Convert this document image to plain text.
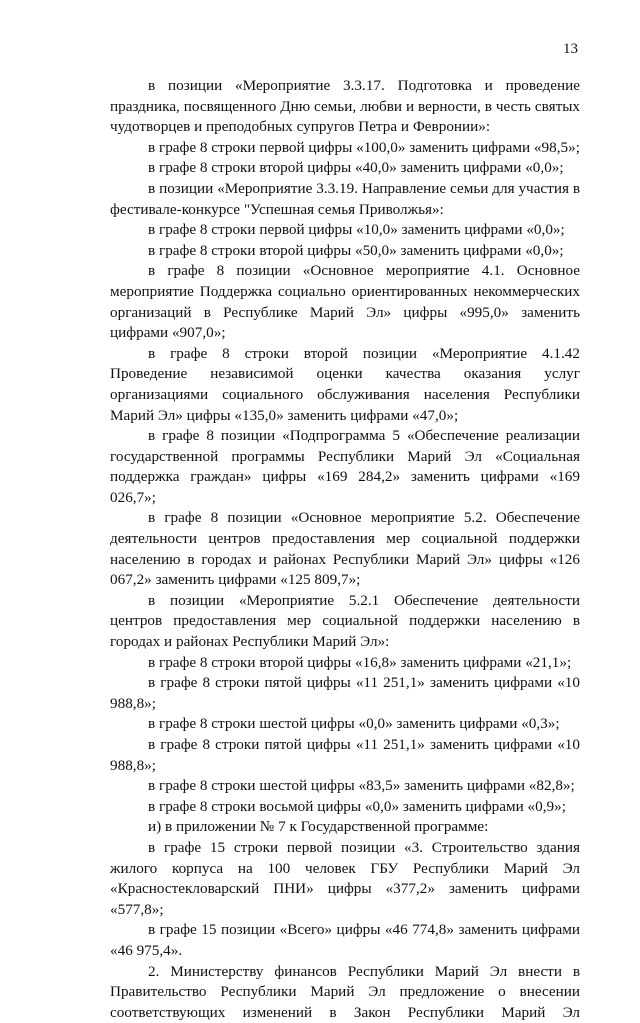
13

в позиции «Мероприятие 3.3.17. Подготовка и проведение праздника, посвященного Дню семьи, любви и верности, в честь святых чудотворцев и преподобных супругов Петра и Февронии»:

в графе 8 строки первой цифры «100,0» заменить цифрами «98,5»;

в графе 8 строки второй цифры «40,0» заменить цифрами «0,0»;

в позиции «Мероприятие 3.3.19. Направление семьи для участия в фестивале-конкурсе "Успешная семья Приволжья»:

в графе 8 строки первой цифры «10,0» заменить цифрами «0,0»;

в графе 8 строки второй цифры «50,0» заменить цифрами «0,0»;

в графе 8 позиции «Основное мероприятие 4.1. Основное мероприятие Поддержка социально ориентированных некоммерческих организаций в Республике Марий Эл» цифры «995,0» заменить цифрами «907,0»;

в графе 8 строки второй позиции «Мероприятие 4.1.42 Проведение независимой оценки качества оказания услуг организациями социального обслуживания населения Республики Марий Эл» цифры «135,0» заменить цифрами «47,0»;

в графе 8 позиции «Подпрограмма 5 «Обеспечение реализации государственной программы Республики Марий Эл «Социальная поддержка граждан» цифры «169 284,2» заменить цифрами «169 026,7»;

в графе 8 позиции «Основное мероприятие 5.2. Обеспечение деятельности центров предоставления мер социальной поддержки населению в городах и районах Республики Марий Эл» цифры «126 067,2» заменить цифрами «125 809,7»;

в позиции «Мероприятие 5.2.1 Обеспечение деятельности центров предоставления мер социальной поддержки населению в городах и районах Республики Марий Эл»:

в графе 8 строки второй цифры «16,8» заменить цифрами «21,1»;

в графе 8 строки пятой цифры «11 251,1» заменить цифрами «10 988,8»;

в графе 8 строки шестой цифры «0,0» заменить цифрами «0,3»;

в графе 8 строки пятой цифры «11 251,1» заменить цифрами «10 988,8»;

в графе 8 строки шестой цифры «83,5» заменить цифрами «82,8»;

в графе 8 строки восьмой цифры «0,0» заменить цифрами «0,9»;

и) в приложении № 7 к Государственной программе:

в графе 15 строки первой позиции «3. Строительство здания жилого корпуса на 100 человек ГБУ Республики Марий Эл «Красностекловарский ПНИ» цифры «377,2» заменить цифрами «577,8»;

в графе 15 позиции «Всего» цифры «46 774,8» заменить цифрами «46 975,4».

2. Министерству финансов Республики Марий Эл внести в Правительство Республики Марий Эл предложение о внесении соответствующих изменений в Закон Республики Марий Эл
